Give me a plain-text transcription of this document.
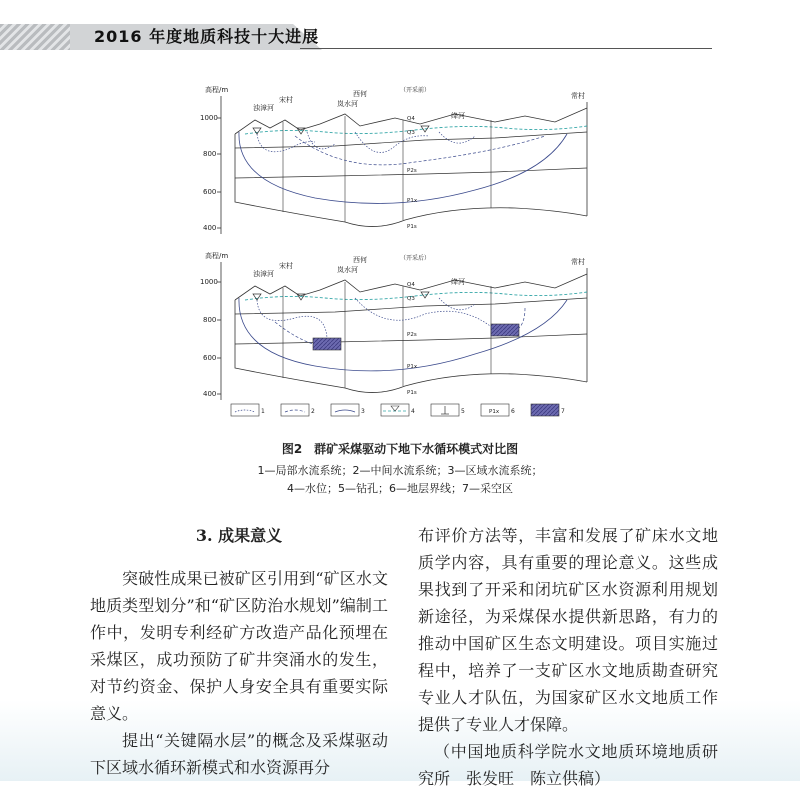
2016 年度地质科技十大进展
高程/m
1000
800
600
400
（开采前）
浊漳河
宋村	岚水河
西何
绛河
常村
Q4
Q3
P2s
P1x
P1s
高程/m
1000
800
600
400
（开采后）
浊漳河
宋村	岚水河
西何
绛河
常村
Q4
Q3
P2s
P1x
P1s
1	2	3	4	5	P1x 6	7
图2　群矿采煤驱动下地下水循环模式对比图
1—局部水流系统；2—中间水流系统；3—区域水流系统；
4—水位；5—钻孔；6—地层界线；7—采空区
3. 成果意义

突破性成果已被矿区引用到“矿区水文地质类型划分”和“矿区防治水规划”编制工作中，发明专利经矿方改造产品化预埋在采煤区，成功预防了矿井突涌水的发生，对节约资金、保护人身安全具有重要实际意义。

提出“关键隔水层”的概念及采煤驱动下区域水循环新模式和水资源再分

布评价方法等，丰富和发展了矿床水文地质学内容，具有重要的理论意义。这些成果找到了开采和闭坑矿区水资源利用规划新途径，为采煤保水提供新思路，有力的推动中国矿区生态文明建设。项目实施过程中，培养了一支矿区水文地质勘查研究专业人才队伍，为国家矿区水文地质工作提供了专业人才保障。

（中国地质科学院水文地质环境地质研究所　张发旺　陈立供稿）
